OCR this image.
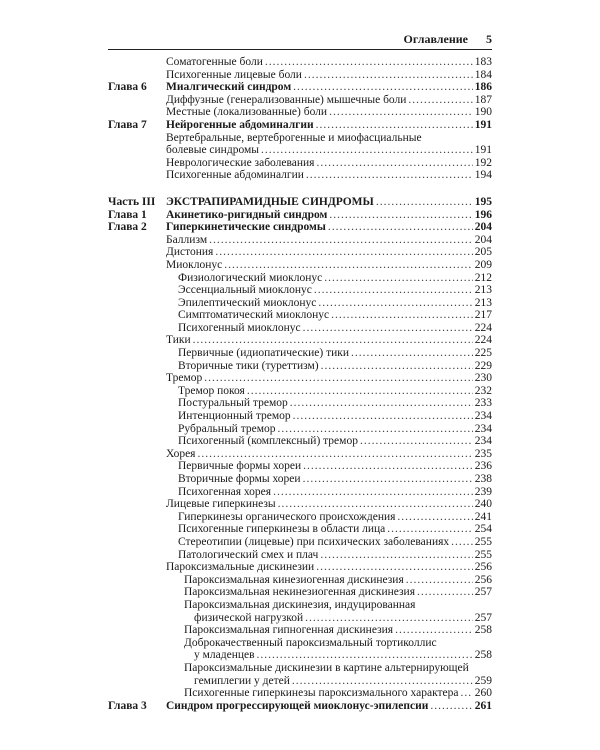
Оглавление 5
Соматогенные боли .....	183
Психогенные лицевые боли .....	184
Глава 6 Миалгический синдром .....	186
Диффузные (генерализованные) мышечные боли .....	187
Местные (локализованные) боли .....	190
Глава 7 Нейрогенные абдоминалгии .....	191
Вертебральные, вертеброгенные и миофасциальные
болевые синдромы .....	191
Неврологические заболевания .....	192
Психогенные абдоминалгии .....	194
Часть III ЭКСТРАПИРАМИДНЫЕ СИНДРОМЫ .....	195
Глава 1 Акинетико-ригидный синдром .....	196
Глава 2 Гиперкинетические синдромы .....	204
Баллизм .....	204
Дистония .....	205
Миоклонус .....	209
Физиологический миоклонус .....	212
Эссенциальный миоклонус .....	213
Эпилептический миоклонус .....	213
Симптоматический миоклонус .....	217
Психогенный миоклонус .....	224
Тики .....	224
Первичные (идиопатические) тики .....	225
Вторичные тики (туреттизм) .....	229
Тремор .....	230
Тремор покоя .....	232
Постуральный тремор .....	233
Интенционный тремор .....	234
Рубральный тремор .....	234
Психогенный (комплексный) тремор .....	234
Хорея .....	235
Первичные формы хореи .....	236
Вторичные формы хореи .....	238
Психогенная хорея .....	239
Лицевые гиперкинезы .....	240
Гиперкинезы органического происхождения .....	241
Психогенные гиперкинезы в области лица .....	254
Стереотипии (лицевые) при психических заболеваниях ..... 255
Патологический смех и плач .....	255
Пароксизмальные дискинезии .....	256
Пароксизмальная кинезиогенная дискинезия .....	256
Пароксизмальная некинезиогенная дискинезия .....	257
Пароксизмальная дискинезия, индуцированная
физической нагрузкой .....	257
Пароксизмальная гипногенная дискинезия .....	258
Доброкачественный пароксизмальный тортиколлис
у младенцев .....	258
Пароксизмальные дискинезии в картине альтернирующей
гемиплегии у детей .....	259
Психогенные гиперкинезы пароксизмального характера ..... 260
Глава 3 Синдром прогрессирующей миоклонус-эпилепсии .....	261
